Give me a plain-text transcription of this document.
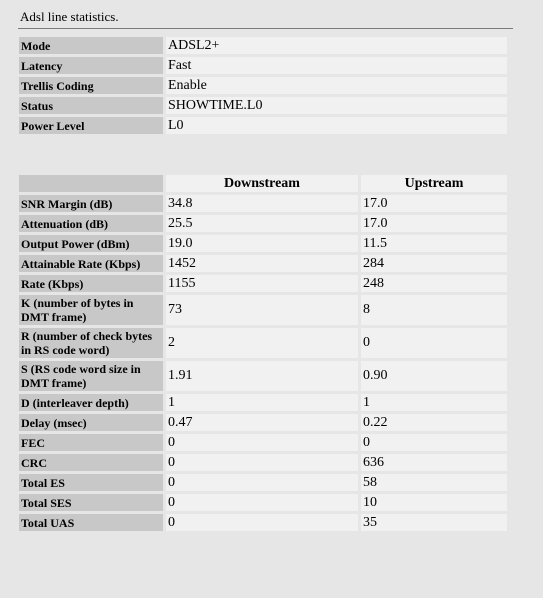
Adsl line statistics.
Mode	ADSL2+
Latency	Fast
Trellis Coding	Enable
Status	SHOWTIME.L0
Power Level	L0
	Downstream	Upstream
SNR Margin (dB)	34.8	17.0
Attenuation (dB)	25.5	17.0
Output Power (dBm)	19.0	11.5
Attainable Rate (Kbps)	1452	284
Rate (Kbps)	1155	248
K (number of bytes in DMT frame)	73	8
R (number of check bytes in RS code word)	2	0
S (RS code word size in DMT frame)	1.91	0.90
D (interleaver depth)	1	1
Delay (msec)	0.47	0.22
FEC	0	0
CRC	0	636
Total ES	0	58
Total SES	0	10
Total UAS	0	35
